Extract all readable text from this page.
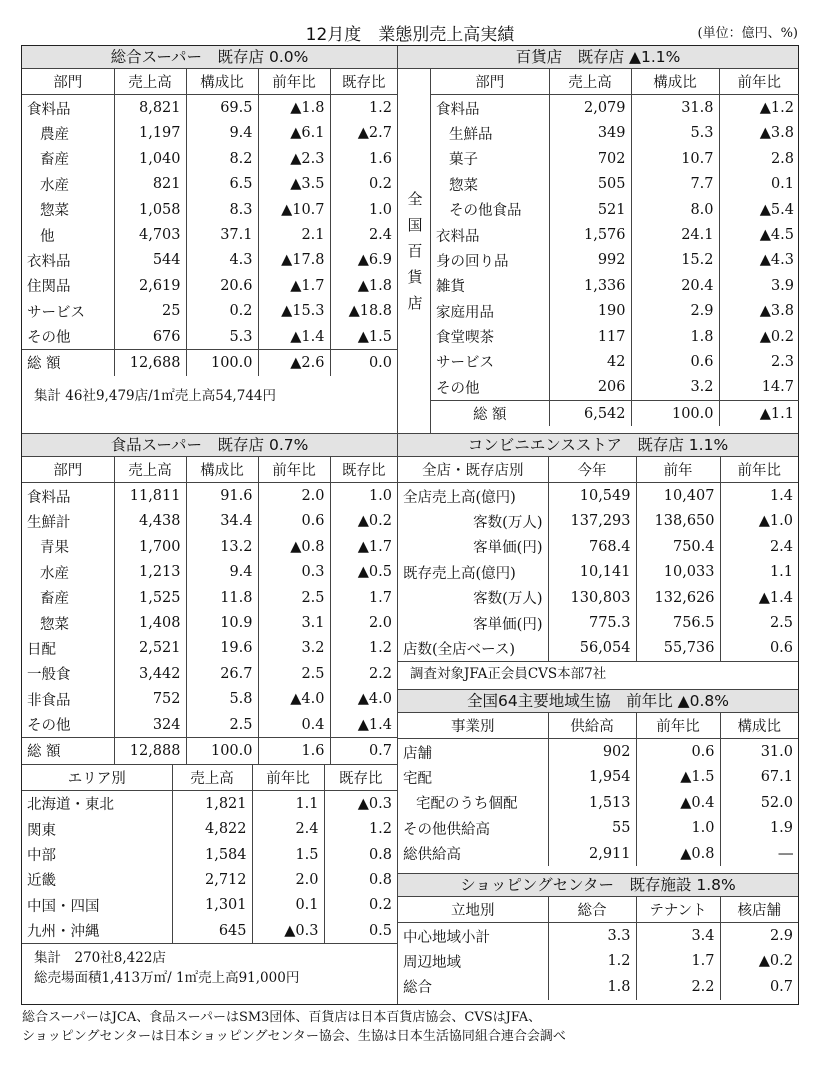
12月度　業態別売上高実績	(単位：億円、%)
総合スーパー　既存店 0.0%
部門	売上高	構成比	前年比	既存比
食料品	8,821	69.5	▲1.8	1.2
農産	1,197	9.4	▲6.1	▲2.7
畜産	1,040	8.2	▲2.3	1.6
水産	821	6.5	▲3.5	0.2
惣菜	1,058	8.3	▲10.7	1.0
他	4,703	37.1	2.1	2.4
衣料品	544	4.3	▲17.8	▲6.9
住関品	2,619	20.6	▲1.7	▲1.8
サービス	25	0.2	▲15.3	▲18.8
その他	676	5.3	▲1.4	▲1.5
総 額	12,688	100.0	▲2.6	0.0
集計 46社9,479店/1㎡売上高54,744円
百貨店　既存店 ▲1.1%
全
国
百
貨
店
部門	売上高	構成比	前年比
食料品	2,079	31.8	▲1.2
生鮮品	349	5.3	▲3.8
菓子	702	10.7	2.8
惣菜	505	7.7	0.1
その他食品	521	8.0	▲5.4
衣料品	1,576	24.1	▲4.5
身の回り品	992	15.2	▲4.3
雑貨	1,336	20.4	3.9
家庭用品	190	2.9	▲3.8
食堂喫茶	117	1.8	▲0.2
サービス	42	0.6	2.3
その他	206	3.2	14.7
総 額	6,542	100.0	▲1.1
食品スーパー　既存店 0.7%
部門	売上高	構成比	前年比	既存比
食料品	11,811	91.6	2.0	1.0
生鮮計	4,438	34.4	0.6	▲0.2
青果	1,700	13.2	▲0.8	▲1.7
水産	1,213	9.4	0.3	▲0.5
畜産	1,525	11.8	2.5	1.7
惣菜	1,408	10.9	3.1	2.0
日配	2,521	19.6	3.2	1.2
一般食	3,442	26.7	2.5	2.2
非食品	752	5.8	▲4.0	▲4.0
その他	324	2.5	0.4	▲1.4
総 額	12,888	100.0	1.6	0.7
エリア別	売上高	前年比	既存比
北海道・東北	1,821	1.1	▲0.3
関東	4,822	2.4	1.2
中部	1,584	1.5	0.8
近畿	2,712	2.0	0.8
中国・四国	1,301	0.1	0.2
九州・沖縄	645	▲0.3	0.5
集計　270社8,422店
総売場面積1,413万㎡/ 1㎡売上高91,000円
コンビニエンスストア　既存店 1.1%
全店・既存店別	今年	前年	前年比
全店売上高(億円)	10,549	10,407	1.4
客数(万人)	137,293	138,650	▲1.0
客単価(円)	768.4	750.4	2.4
既存売上高(億円)	10,141	10,033	1.1
客数(万人)	130,803	132,626	▲1.4
客単価(円)	775.3	756.5	2.5
店数(全店ベース)	56,054	55,736	0.6
調査対象JFA正会員CVS本部7社
全国64主要地域生協　前年比 ▲0.8%
事業別	供給高	前年比	構成比
店舗	902	0.6	31.0
宅配	1,954	▲1.5	67.1
宅配のうち個配	1,513	▲0.4	52.0
その他供給高	55	1.0	1.9
総供給高	2,911	▲0.8	―
ショッピングセンター　既存施設 1.8%
立地別	総合	テナント	核店舗
中心地域小計	3.3	3.4	2.9
周辺地域	1.2	1.7	▲0.2
総合	1.8	2.2	0.7
総合スーパーはJCA、食品スーパーはSM3団体、百貨店は日本百貨店協会、CVSはJFA、
ショッピングセンターは日本ショッピングセンター協会、生協は日本生活協同組合連合会調べ
